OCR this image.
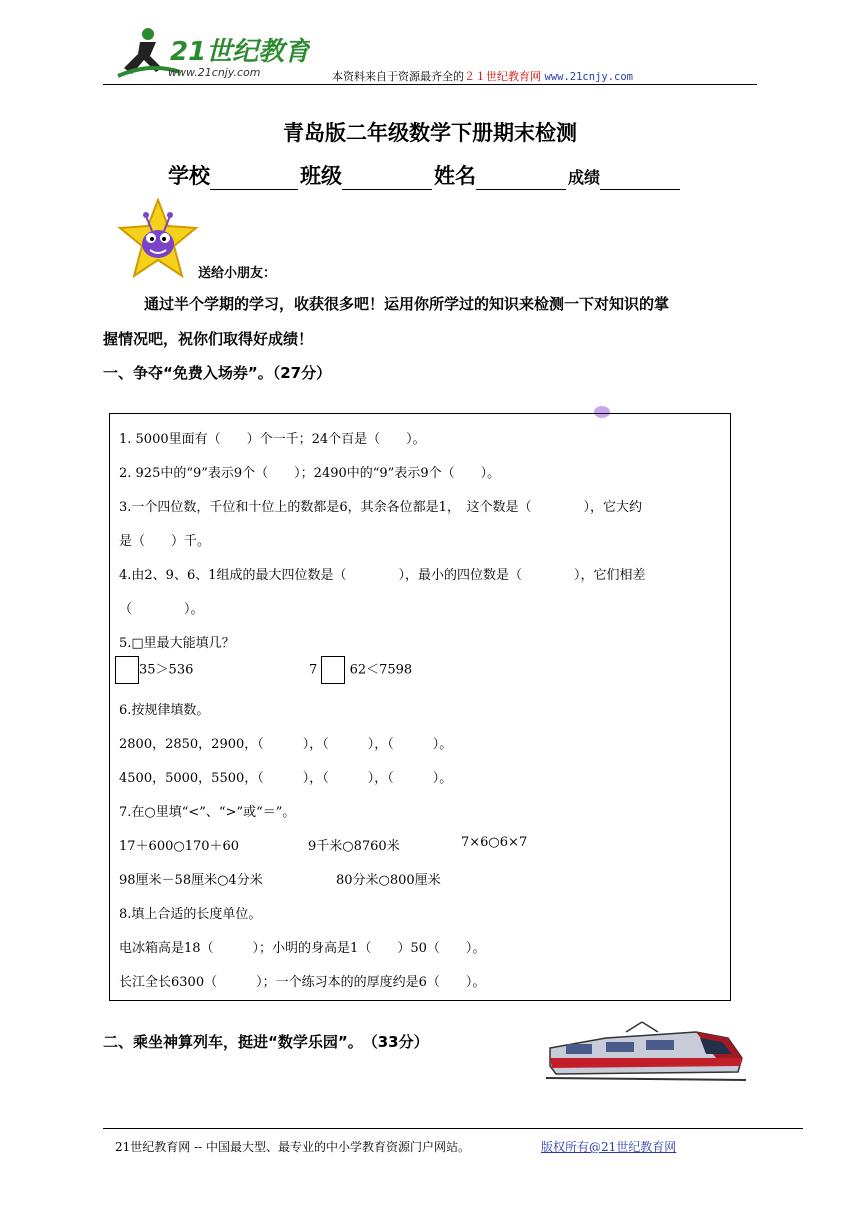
21世纪教育
www.21cnjy.com	本资料来自于资源最齐全的２１世纪教育网 www.21cnjy.com
青岛版二年级数学下册期末检测
学校	班级	姓名	成绩
送给小朋友：
通过半个学期的学习，收获很多吧！运用你所学过的知识来检测一下对知识的掌
握情况吧，祝你们取得好成绩！
一、争夺“免费入场券”。（27分）
1. 5000里面有（　　）个一千；24个百是（　　）。
2. 925中的“9”表示9个（　　）；2490中的“9”表示9个（　　）。
3.一个四位数，千位和十位上的数都是6，其余各位都是1，　这个数是（　　　　），它大约
是（　　）千。
4.由2、9、6、1组成的最大四位数是（　　　　），最小的四位数是（　　　　），它们相差
（　　　　）。
5.□里最大能填几？
35＞536	7 62＜7598
6.按规律填数。
2800，2850，2900，（　　　），（　　　），（　　　）。
4500，5000，5500，（　　　），（　　　），（　　　）。
7.在○里填“<”、“>”或“＝”。
17＋600○170＋60	9千米○8760米	7×6○6×7
98厘米－58厘米○4分米	80分米○800厘米
8.填上合适的长度单位。
电冰箱高是18（　　　）；小明的身高是1（　　）50（　　）。
长江全长6300（　　　）；一个练习本的的厚度约是6（　　）。
二、乘坐神算列车，挺进“数学乐园”。　（33分）
21世纪教育网 -- 中国最大型、最专业的中小学教育资源门户网站。	版权所有@21世纪教育网
